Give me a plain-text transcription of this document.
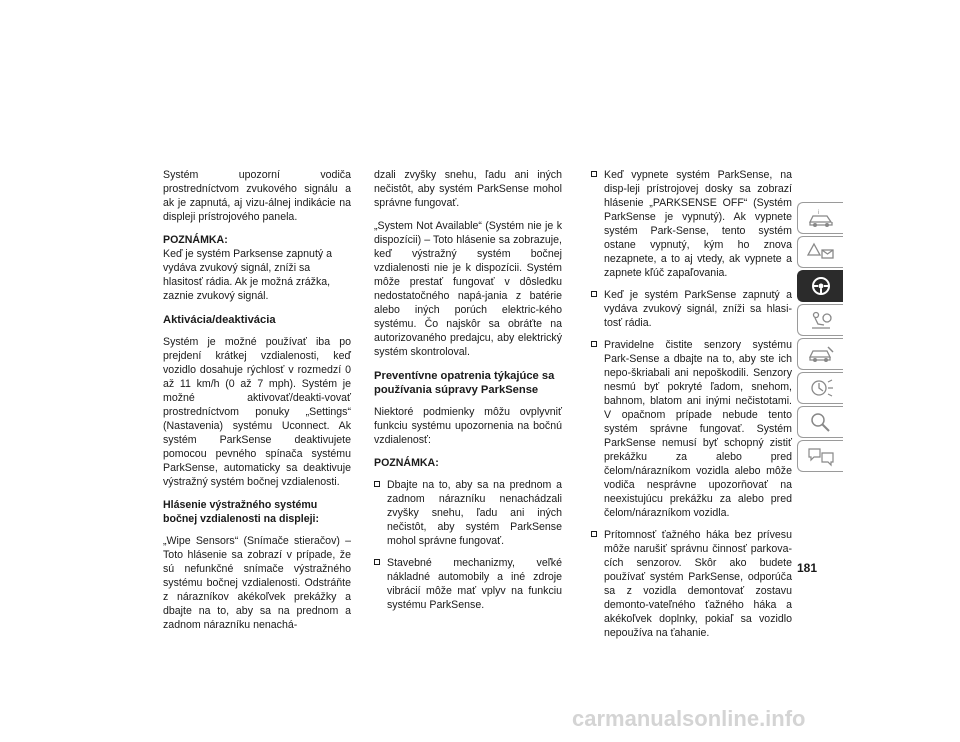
Systém upozorní vodiča prostredníctvom zvukového signálu a ak je zapnutá, aj vizu-álnej indikácie na displeji prístrojového panela.

POZNÁMKA:

Keď je systém Parksense zapnutý a vydáva zvukový signál, zníži sa hlasitosť rádia. Ak je možná zrážka, zaznie zvukový signál.

Aktivácia/deaktivácia

Systém je možné používať iba po prejdení krátkej vzdialenosti, keď vozidlo dosahuje rýchlosť v rozmedzí 0 až 11 km/h (0 až 7 mph). Systém je možné aktivovať/deakti-vovať prostredníctvom ponuky „Settings“ (Nastavenia) systému Uconnect. Ak systém ParkSense deaktivujete pomocou pevného spínača systému ParkSense, automaticky sa deaktivuje výstražný systém bočnej vzdialenosti.

Hlásenie výstražného systému bočnej vzdialenosti na displeji:

„Wipe Sensors“ (Snímače stieračov) – Toto hlásenie sa zobrazí v prípade, že sú nefunkčné snímače výstražného systému bočnej vzdialenosti. Odstráňte z nárazníkov akékoľvek prekážky a dbajte na to, aby sa na prednom a zadnom nárazníku nenachá-

dzali zvyšky snehu, ľadu ani iných nečistôt, aby systém ParkSense mohol správne fungovať.

„System Not Available“ (Systém nie je k dispozícii) – Toto hlásenie sa zobrazuje, keď výstražný systém bočnej vzdialenosti nie je k dispozícii. Systém môže prestať fungovať v dôsledku nedostatočného napá-jania z batérie alebo iných porúch elektric-kého systému. Čo najskôr sa obráťte na autorizovaného predajcu, aby elektrický systém skontroloval.

Preventívne opatrenia týkajúce sa používania súpravy ParkSense

Niektoré podmienky môžu ovplyvniť funkciu systému upozornenia na bočnú vzdialenosť:

POZNÁMKA:

Dbajte na to, aby sa na prednom a zadnom nárazníku nenachádzali zvyšky snehu, ľadu ani iných nečistôt, aby systém ParkSense mohol správne fungovať.
Stavebné mechanizmy, veľké nákladné automobily a iné zdroje vibrácií môže mať vplyv na funkciu systému ParkSense.
Keď vypnete systém ParkSense, na disp-leji prístrojovej dosky sa zobrazí hlásenie „PARKSENSE OFF“ (Systém ParkSense je vypnutý). Ak vypnete systém Park-Sense, tento systém ostane vypnutý, kým ho znova nezapnete, a to aj vtedy, ak vypnete a zapnete kľúč zapaľovania.
Keď je systém ParkSense zapnutý a vydáva zvukový signál, zníži sa hlasi-tosť rádia.
Pravidelne čistite senzory systému Park-Sense a dbajte na to, aby ste ich nepo-škriabali ani nepoškodili. Senzory nesmú byť pokryté ľadom, snehom, bahnom, blatom ani inými nečistotami. V opačnom prípade nebude tento systém správne fungovať. Systém ParkSense nemusí byť schopný zistiť prekážku za alebo pred čelom/nárazníkom vozidla alebo môže vodiča nesprávne upozorňovať na neexistujúcu prekážku za alebo pred čelom/nárazníkom vozidla.
Prítomnosť ťažného háka bez prívesu môže narušiť správnu činnosť parkova-cích senzorov. Skôr ako budete používať systém ParkSense, odporúča sa z vozidla demontovať zostavu demonto-vateľného ťažného háka a akékoľvek doplnky, pokiaľ sa vozidlo nepoužíva na ťahanie.
i
181
carmanualsonline.info
